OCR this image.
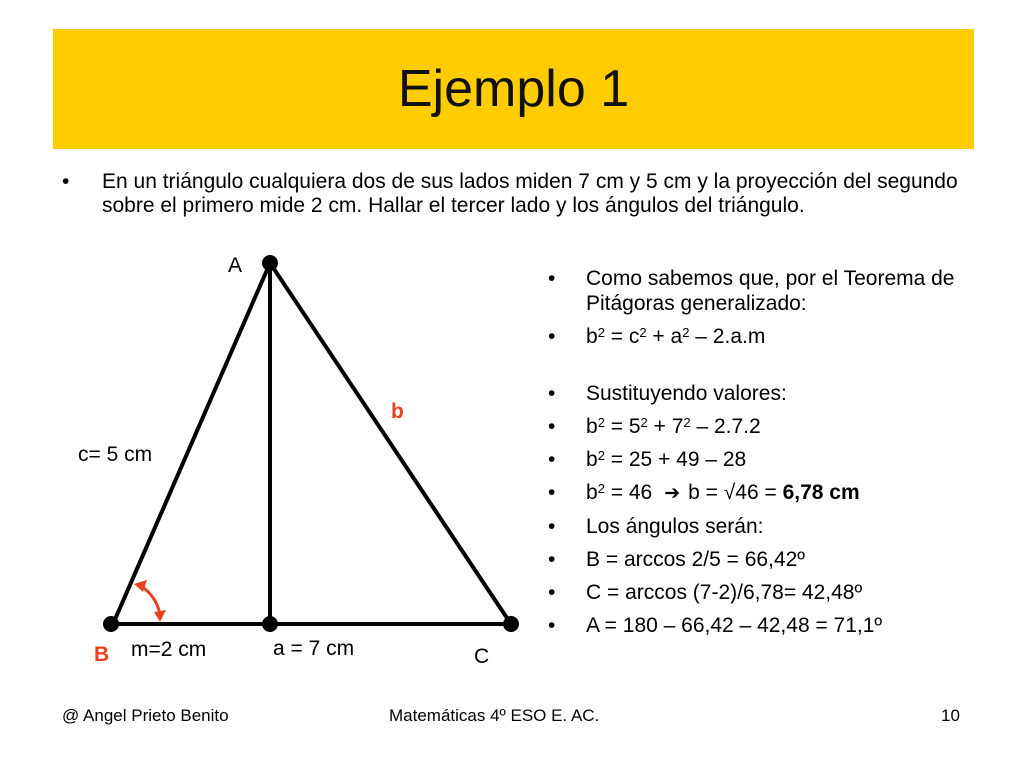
Ejemplo 1
•	En un triángulo cualquiera dos de sus lados miden 7 cm y 5 cm y la proyección del segundo sobre el primero mide 2 cm. Hallar el tercer lado y los ángulos del triángulo.
A
B	C
b
c= 5 cm
m=2 cm	a = 7 cm
•	Como sabemos que, por el Teorema de Pitágoras generalizado:
•	$b^2 = c^2 + a^2 - 2.a.m$
•	Sustituyendo valores:
•	$b^2 = 5^2 + 7^2 - 2.7.2$
•	$b^2 = 25 + 49 - 28$
•	$b^2 = 46$ ➔ b = √46 = 6,78 cm
•	Los ángulos serán:
•	B = arccos 2/5 = 66,42º
•	C = arccos (7-2)/6,78= 42,48º
•	A = 180 – 66,42 – 42,48 = 71,1º
@ Angel Prieto Benito	Matemáticas 4º ESO E. AC.	10
